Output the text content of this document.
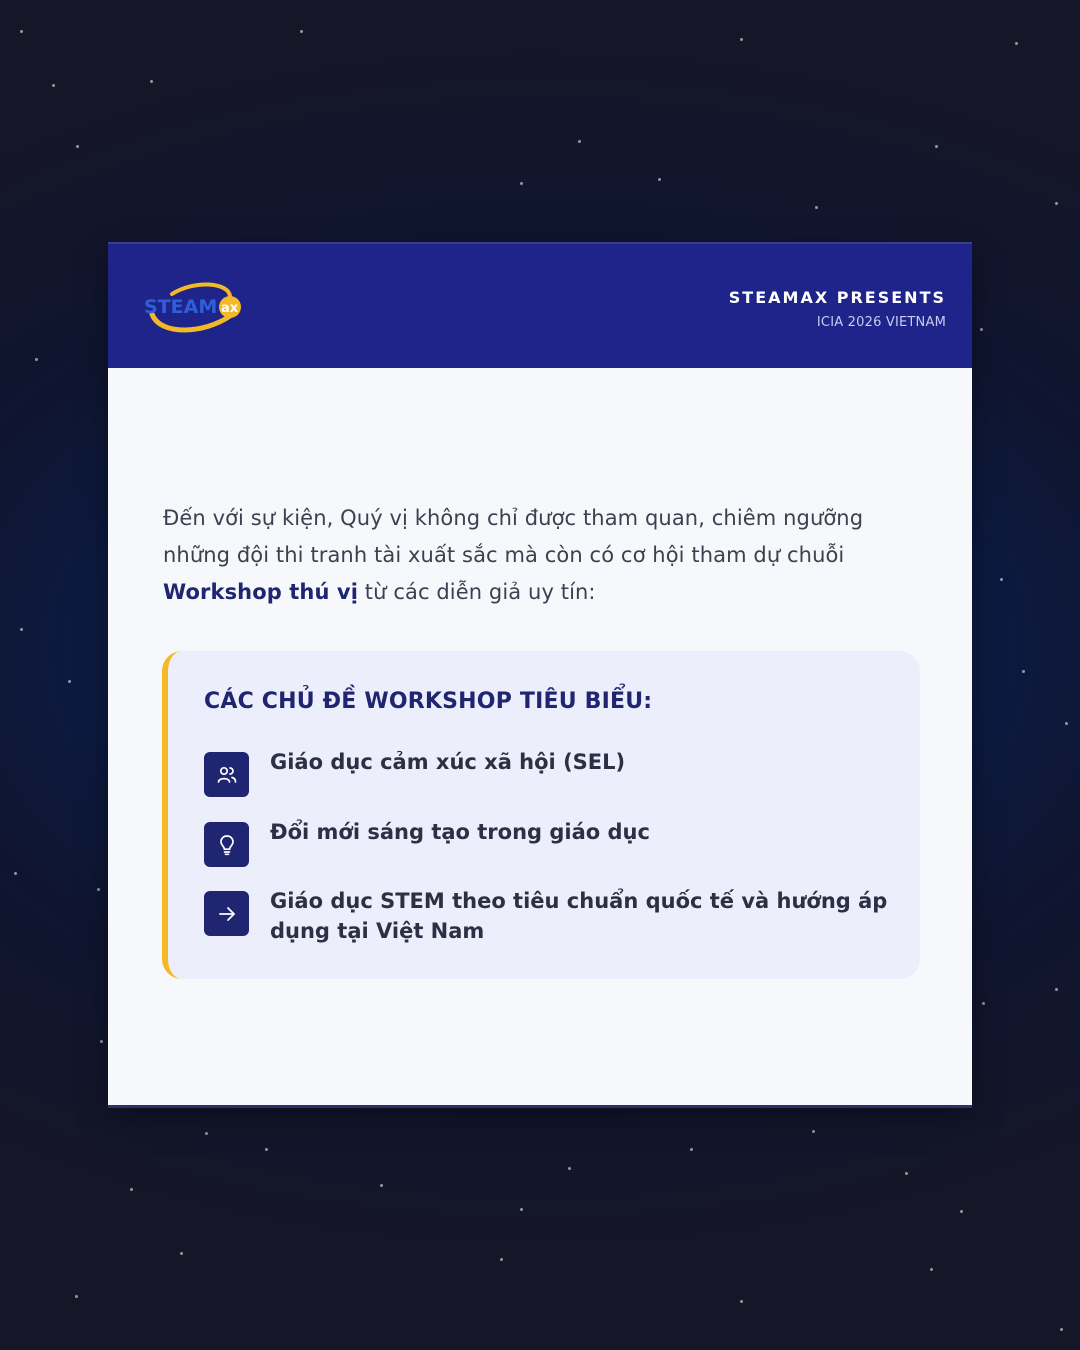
STEAM ax
STEAMAX PRESENTS
ICIA 2026 VIETNAM

Đến với sự kiện, Quý vị không chỉ được tham quan, chiêm ngưỡng những đội thi tranh tài xuất sắc mà còn có cơ hội tham dự chuỗi Workshop thú vị từ các diễn giả uy tín:

CÁC CHỦ ĐỀ WORKSHOP TIÊU BIỂU:
Giáo dục cảm xúc xã hội (SEL)
Đổi mới sáng tạo trong giáo dục
Giáo dục STEM theo tiêu chuẩn quốc tế và hướng áp dụng tại Việt Nam
